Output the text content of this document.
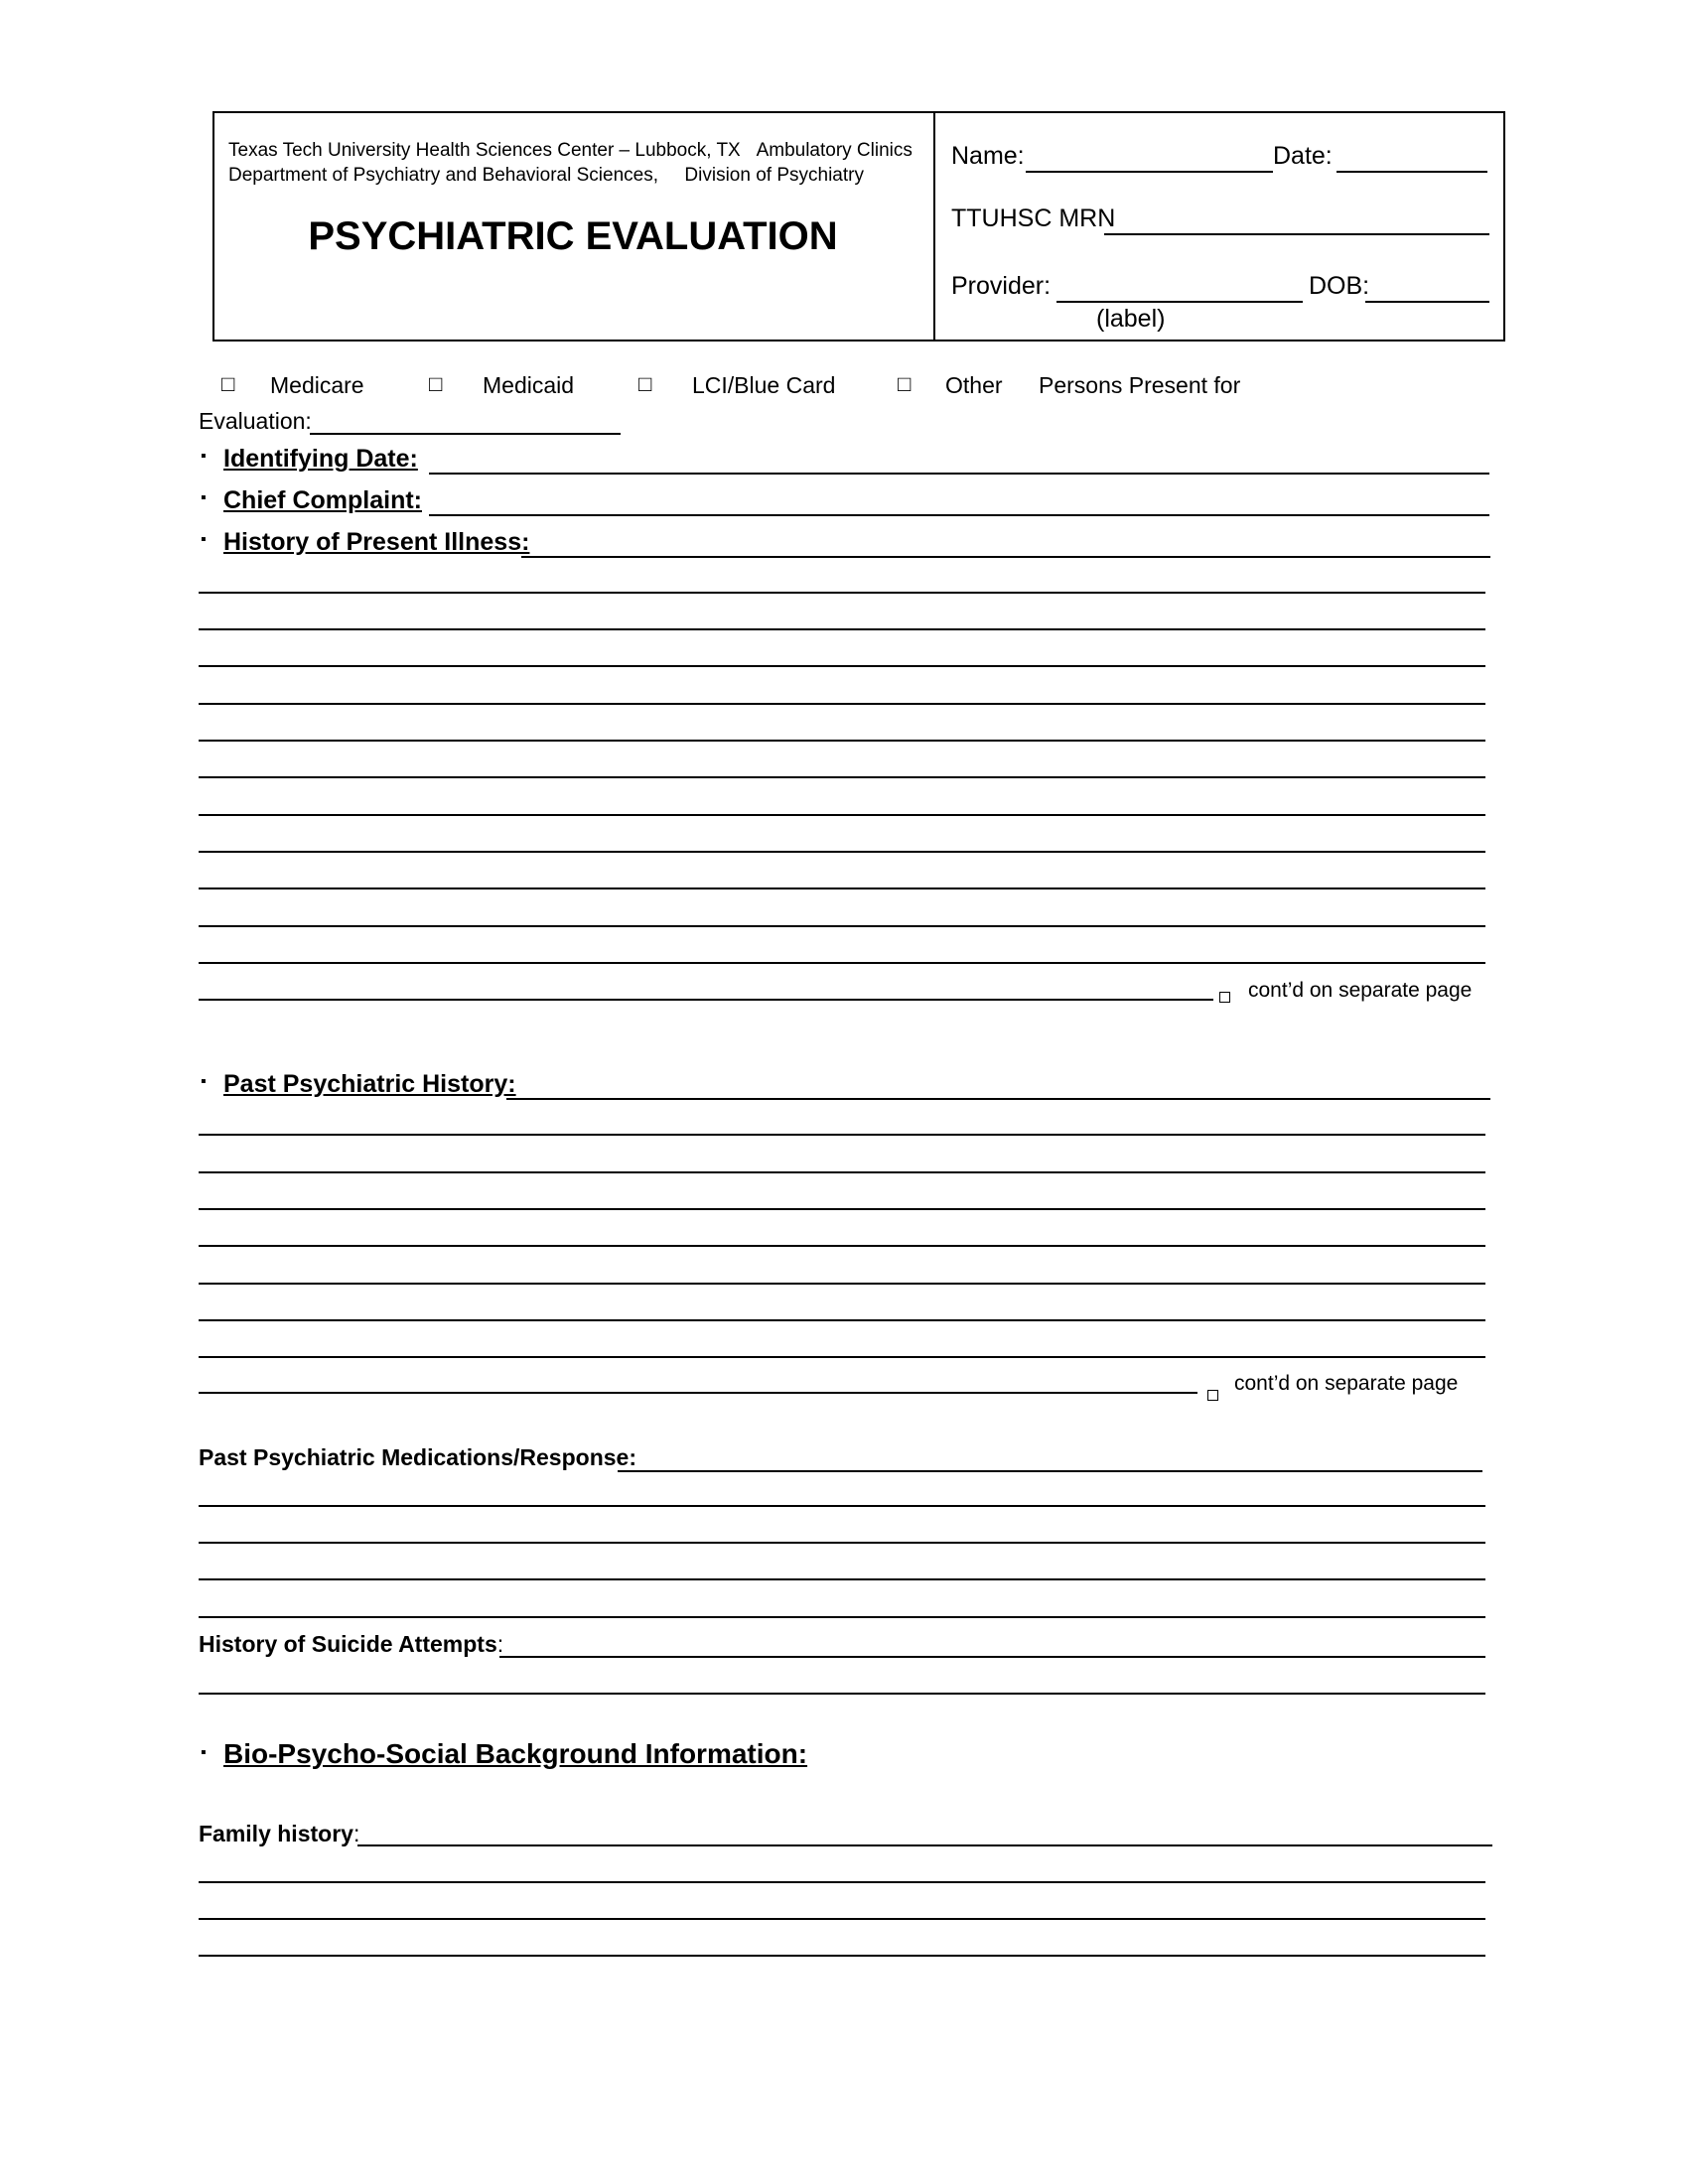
Texas Tech University Health Sciences Center – Lubbock, TX Ambulatory Clinics
Department of Psychiatry and Behavioral Sciences, Division of Psychiatry
PSYCHIATRIC EVALUATION
Name:	Date:
TTUHSC MRN
Provider:	DOB:
(label)
□ Medicare	□ Medicaid	□ LCI/Blue Card	□ Other Persons Present for
Evaluation:
▪ Identifying Date:
▪ Chief Complaint:
▪ History of Present Illness:
cont’d on separate page
▪ Past Psychiatric History:
cont’d on separate page
Past Psychiatric Medications/Response:
History of Suicide Attempts:
▪ Bio-Psycho-Social Background Information:
Family history:
